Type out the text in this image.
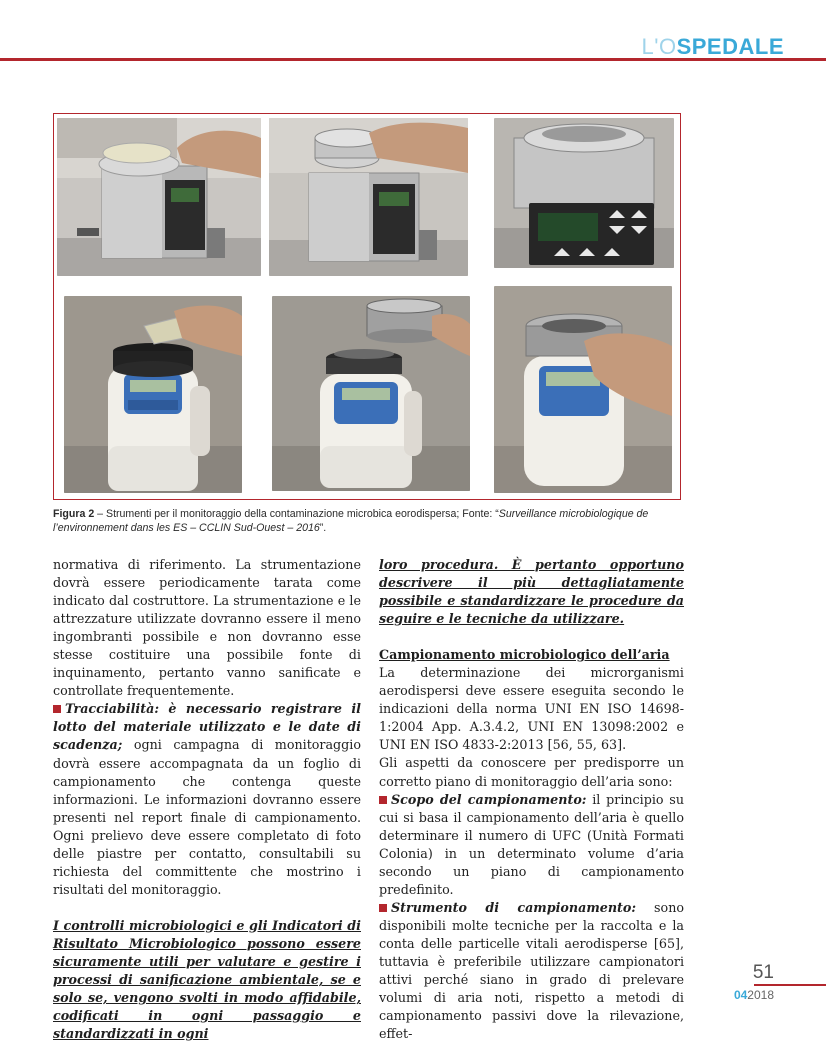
L'OSPEDALE
Figura 2 – Strumenti per il monitoraggio della contaminazione microbica eorodispersa; Fonte: “Surveillance microbiologique de l’environnement dans les ES – CCLIN Sud-Ouest – 2016”.

normativa di riferimento. La strumentazione dovrà essere periodicamente tarata come indicato dal costruttore. La strumentazione e le attrezzature utilizzate dovranno essere il meno ingombranti possibile e non dovranno esse stesse costituire una possibile fonte di inquinamento, pertanto vanno sanificate e controllate frequentemente.

Tracciabilità: è necessario registrare il lotto del materiale utilizzato e le date di scadenza; ogni campagna di monitoraggio dovrà essere accompagnata da un foglio di campionamento che contenga queste informazioni. Le informazioni dovranno essere presenti nel report finale di campionamento. Ogni prelievo deve essere completato di foto delle piastre per contatto, consultabili su richiesta del committente che mostrino i risultati del monitoraggio.

I controlli microbiologici e gli Indicatori di Risultato Microbiologico possono essere sicuramente utili per valutare e gestire i processi di sanificazione ambientale, se e solo se, vengono svolti in modo affidabile, codificati in ogni passaggio e standardizzati in ogni

loro procedura. È pertanto opportuno descrivere il più dettagliatamente possibile e standardizzare le procedure da seguire e le tecniche da utilizzare.

Campionamento microbiologico dell’aria

La determinazione dei microrganismi aerodispersi deve essere eseguita secondo le indicazioni della norma UNI EN ISO 14698-1:2004 App. A.3.4.2, UNI EN 13098:2002 e UNI EN ISO 4833-2:2013 [56, 55, 63].

Gli aspetti da conoscere per predisporre un corretto piano di monitoraggio dell’aria sono:

Scopo del campionamento: il principio su cui si basa il campionamento dell’aria è quello determinare il numero di UFC (Unità Formati Colonia) in un determinato volume d’aria secondo un piano di campionamento predefinito.

Strumento di campionamento: sono disponibili molte tecniche per la raccolta e la conta delle particelle vitali aerodisperse [65], tuttavia è preferibile utilizzare campionatori attivi perché siano in grado di prelevare volumi di aria noti, rispetto a metodi di campionamento passivi dove la rilevazione, effet-

51
042018
